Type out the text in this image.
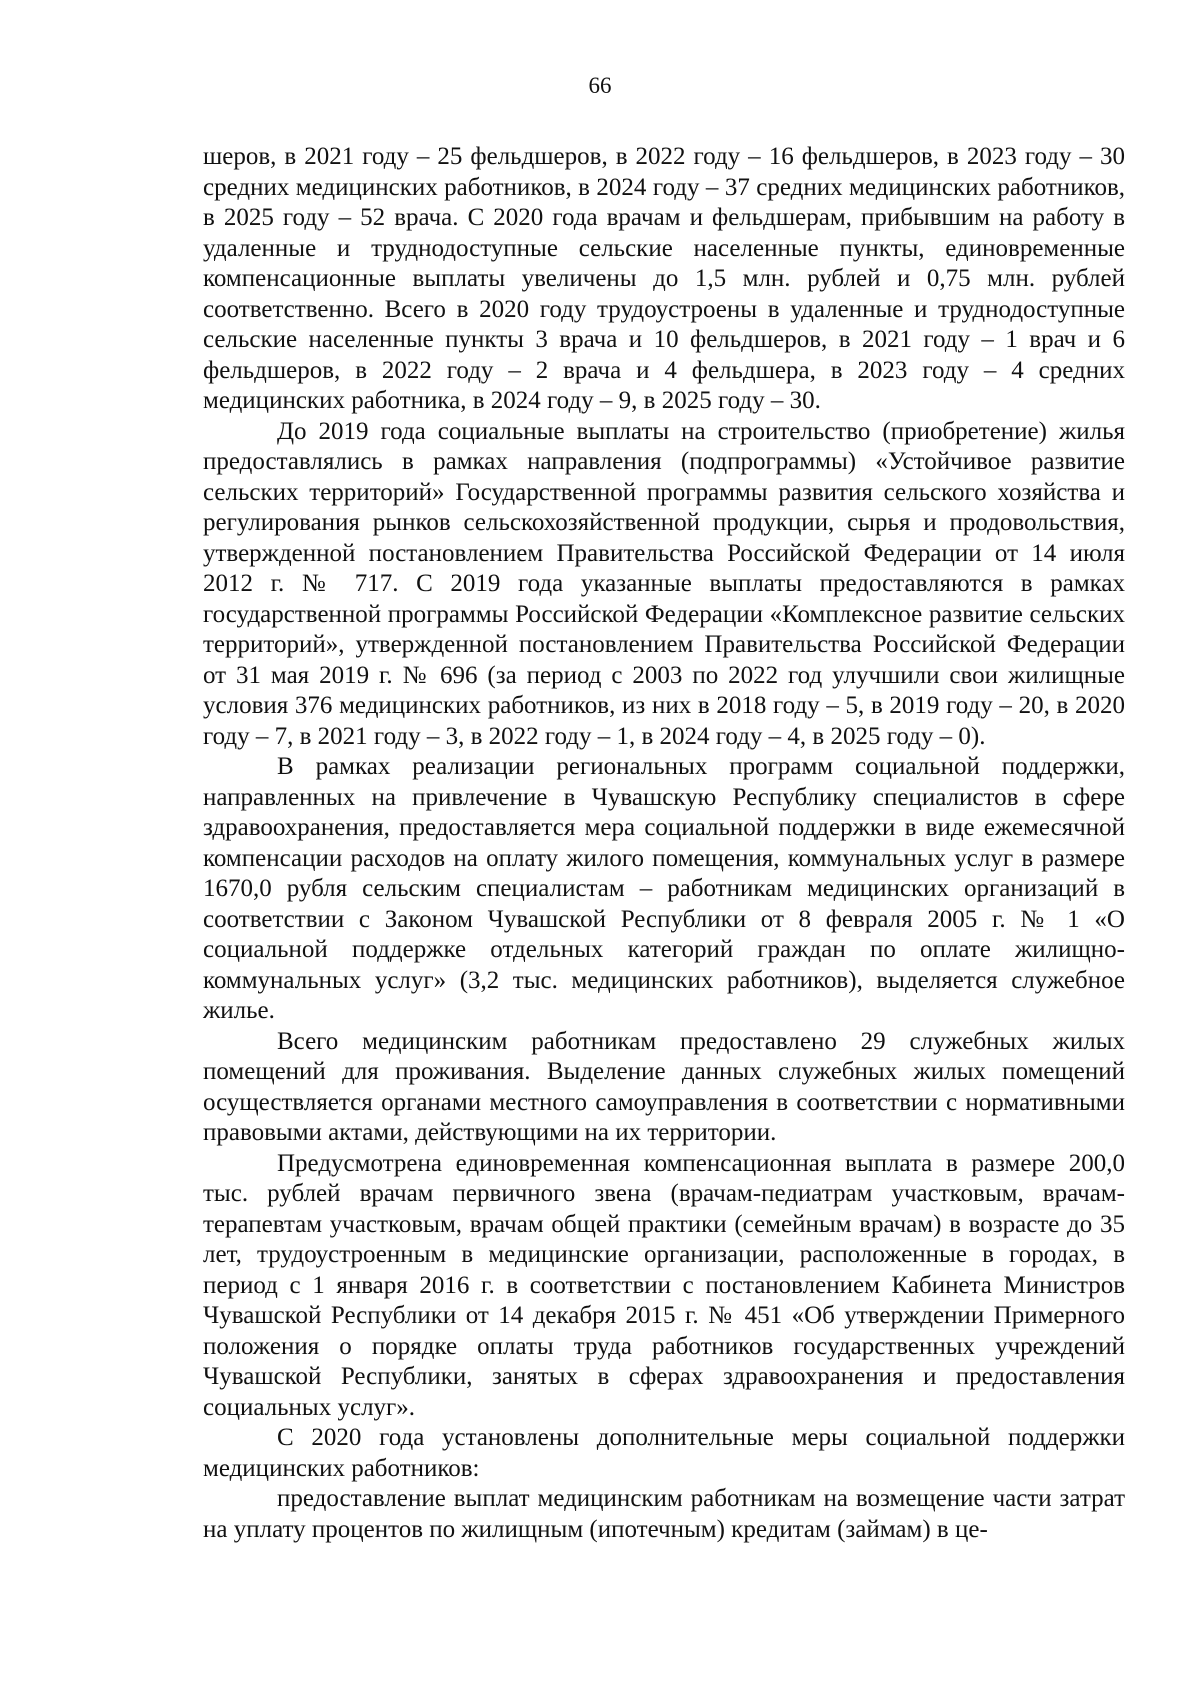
66

шеров, в 2021 году – 25 фельдшеров, в 2022 году – 16 фельдшеров, в 2023 году – 30 средних медицинских работников, в 2024 году – 37 средних медицинских работников, в 2025 году – 52 врача. С 2020 года врачам и фельдшерам, прибывшим на работу в удаленные и труднодоступные сельские населенные пункты, единовременные компенсационные выплаты увеличены до 1,5 млн. рублей и 0,75 млн. рублей соответственно. Всего в 2020 году трудоустроены в удаленные и труднодоступные сельские населенные пункты 3 врача и 10 фельдшеров, в 2021 году – 1 врач и 6 фельдшеров, в 2022 году – 2 врача и 4 фельдшера, в 2023 году – 4 средних медицинских работника, в 2024 году – 9, в 2025 году – 30.

До 2019 года социальные выплаты на строительство (приобретение) жилья предоставлялись в рамках направления (подпрограммы) «Устойчивое развитие сельских территорий» Государственной программы развития сельского хозяйства и регулирования рынков сельскохозяйственной продукции, сырья и продовольствия, утвержденной постановлением Правительства Российской Федерации от 14 июля 2012 г. № 717. С 2019 года указанные выплаты предоставляются в рамках государственной программы Российской Федерации «Комплексное развитие сельских территорий», утвержденной постановлением Правительства Российской Федерации от 31 мая 2019 г. № 696 (за период с 2003 по 2022 год улучшили свои жилищные условия 376 медицинских работников, из них в 2018 году – 5, в 2019 году – 20, в 2020 году – 7, в 2021 году – 3, в 2022 году – 1, в 2024 году – 4, в 2025 году – 0).

В рамках реализации региональных программ социальной поддержки, направленных на привлечение в Чувашскую Республику специалистов в сфере здравоохранения, предоставляется мера социальной поддержки в виде ежемесячной компенсации расходов на оплату жилого помещения, коммунальных услуг в размере 1670,0 рубля сельским специалистам – работникам медицинских организаций в соответствии с Законом Чувашской Республики от 8 февраля 2005 г. № 1 «О социальной поддержке отдельных категорий граждан по оплате жилищно-коммунальных услуг» (3,2 тыс. медицинских работников), выделяется служебное жилье.

Всего медицинским работникам предоставлено 29 служебных жилых помещений для проживания. Выделение данных служебных жилых помещений осуществляется органами местного самоуправления в соответствии с нормативными правовыми актами, действующими на их территории.

Предусмотрена единовременная компенсационная выплата в размере 200,0 тыс. рублей врачам первичного звена (врачам-педиатрам участковым, врачам-терапевтам участковым, врачам общей практики (семейным врачам) в возрасте до 35 лет, трудоустроенным в медицинские организации, расположенные в городах, в период с 1 января 2016 г. в соответствии с постановлением Кабинета Министров Чувашской Республики от 14 декабря 2015 г. № 451 «Об утверждении Примерного положения о порядке оплаты труда работников государственных учреждений Чувашской Республики, занятых в сферах здравоохранения и предоставления социальных услуг».

С 2020 года установлены дополнительные меры социальной поддержки медицинских работников:

предоставление выплат медицинским работникам на возмещение части затрат на уплату процентов по жилищным (ипотечным) кредитам (займам) в це-
